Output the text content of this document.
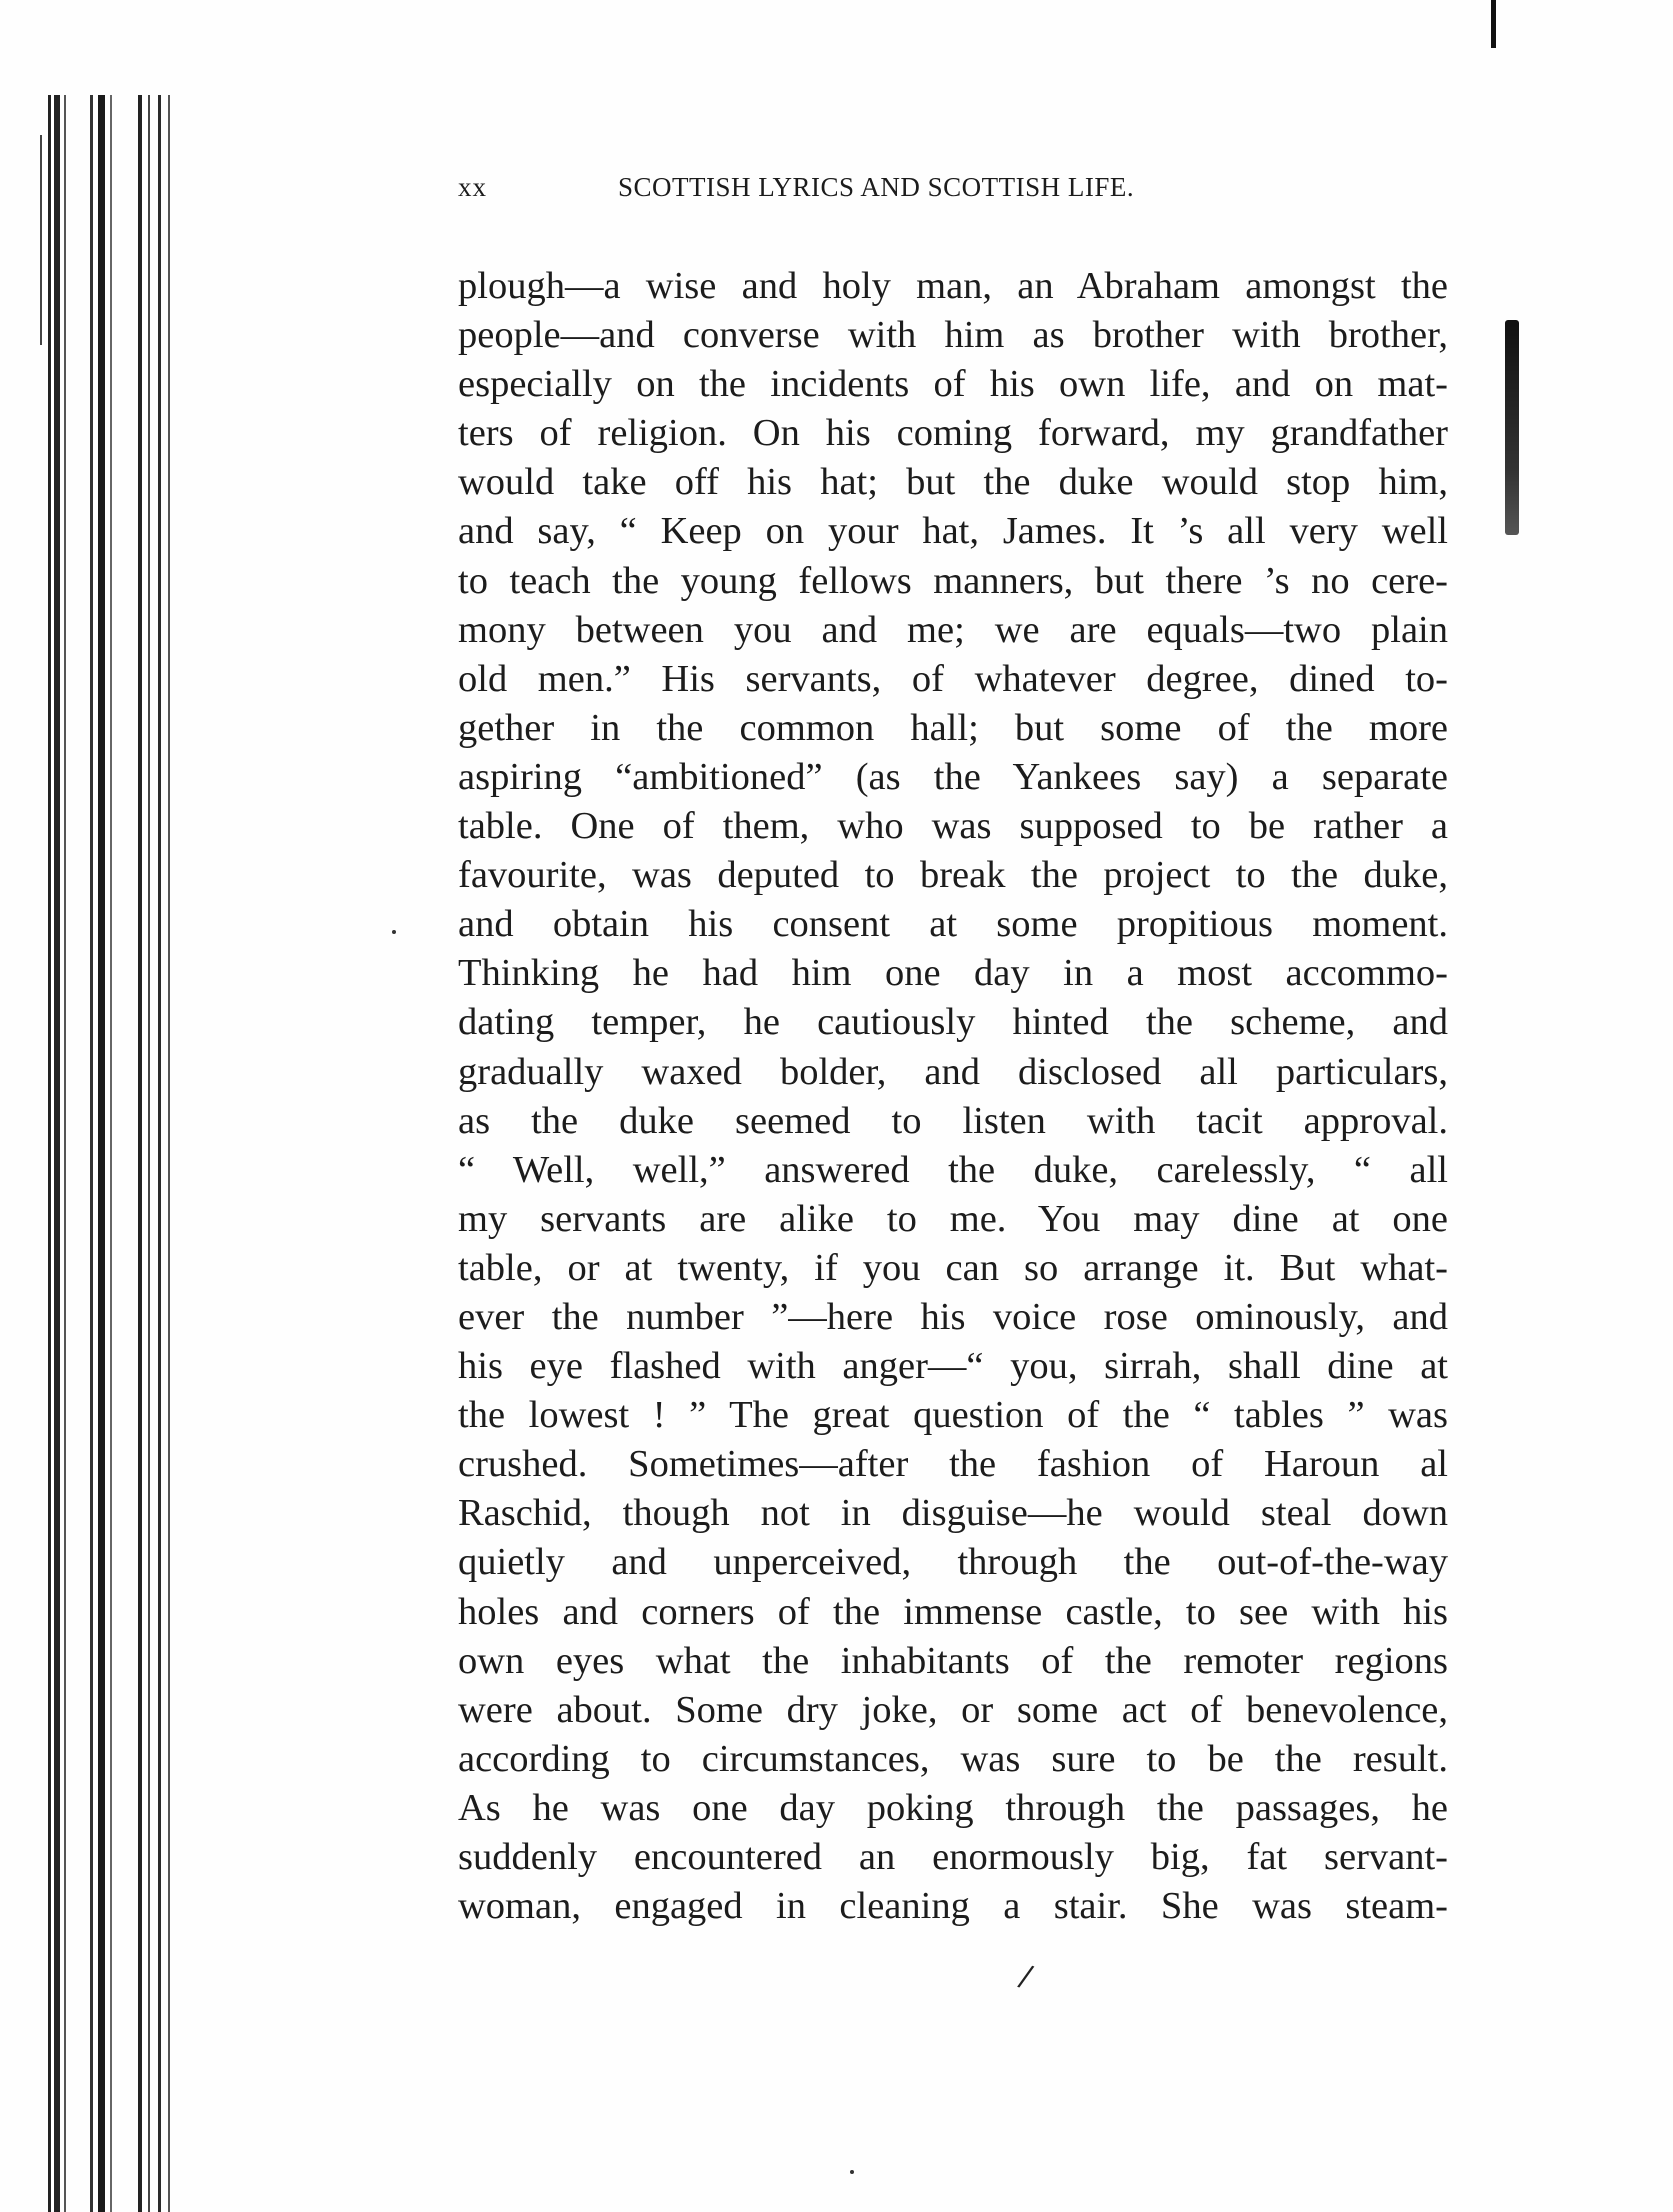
/
xx	SCOTTISH LYRICS AND SCOTTISH LIFE.
plough—a wise and holy man, an Abraham amongst the
people—and converse with him as brother with brother,
especially on the incidents of his own life, and on mat-
ters of religion. On his coming forward, my grandfather
would take off his hat; but the duke would stop him,
and say, “ Keep on your hat, James. It ’s all very well
to teach the young fellows manners, but there ’s no cere-
mony between you and me; we are equals—two plain
old men.” His servants, of whatever degree, dined to-
gether in the common hall; but some of the more
aspiring “ambitioned” (as the Yankees say) a separate
table. One of them, who was supposed to be rather a
favourite, was deputed to break the project to the duke,
and obtain his consent at some propitious moment.
Thinking he had him one day in a most accommo-
dating temper, he cautiously hinted the scheme, and
gradually waxed bolder, and disclosed all particulars,
as the duke seemed to listen with tacit approval.
“ Well, well,” answered the duke, carelessly, “ all
my servants are alike to me. You may dine at one
table, or at twenty, if you can so arrange it. But what-
ever the number ”—here his voice rose ominously, and
his eye flashed with anger—“ you, sirrah, shall dine at
the lowest ! ” The great question of the “ tables ” was
crushed. Sometimes—after the fashion of Haroun al
Raschid, though not in disguise—he would steal down
quietly and unperceived, through the out-of-the-way
holes and corners of the immense castle, to see with his
own eyes what the inhabitants of the remoter regions
were about. Some dry joke, or some act of benevolence,
according to circumstances, was sure to be the result.
As he was one day poking through the passages, he
suddenly encountered an enormously big, fat servant-
woman, engaged in cleaning a stair. She was steam-
